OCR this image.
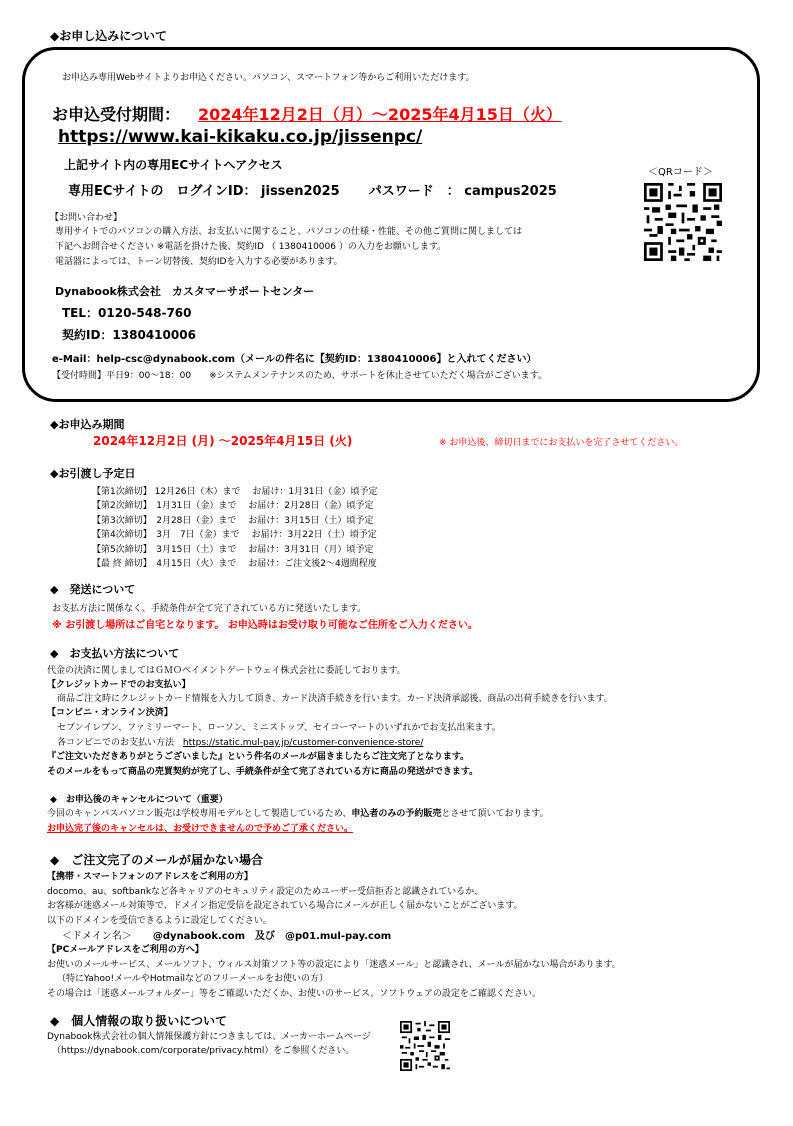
◆お申し込みについて
お申込み専用Webサイトよりお申込ください。パソコン、スマートフォン等からご利用いただけます。
お申込受付期間： 2024年12月2日（月）～2025年4月15日（火）
https://www.kai-kikaku.co.jp/jissenpc/
上記サイト内の専用ECサイトへアクセス
専用ECサイトの　ログインID： jissen2025 パスワード　： campus2025
＜QRコード＞
【お問い合わせ】
専用サイトでのパソコンの購入方法、お支払いに関すること、パソコンの仕様・性能、その他ご質問に関しましては
下記へお問合せください ※電話を掛けた後、契約ID （ 1380410006 ）の入力をお願いします。
電話器によっては、トーン切替後、契約IDを入力する必要があります。
Dynabook株式会社　カスタマーサポートセンター
TEL：0120-548-760
契約ID：1380410006
e-Mail：help-csc@dynabook.com（メールの件名に【契約ID：1380410006】と入れてください）
【受付時間】平日9：00～18：00　　※システムメンテナンスのため、サポートを休止させていただく場合がございます。
◆お申込み期間
2024年12月2日 (月) ～2025年4月15日 (火)	※ お申込後、締切日までにお支払いを完了させてください。
◆お引渡し予定日
【第1次締切】 12月26日（木）まで　 お届け：1月31日（金）頃予定
【第2次締切】　1月31日（金）まで　 お届け：2月28日（金）頃予定
【第3次締切】　2月28日（金）まで　 お届け：3月15日（土）頃予定
【第4次締切】　3月　7日（金）まで　 お届け：3月22日（土）頃予定
【第5次締切】　3月15日（土）まで　 お届け：3月31日（月）頃予定
【最 終 締切】　4月15日（火）まで　 お届け：ご注文後2～4週間程度
◆　発送について
お支払方法に関係なく、手続条件が全て完了されている方に発送いたします。
※ お引渡し場所はご自宅となります。 お申込時はお受け取り可能なご住所をご入力ください。
◆　お支払い方法について
代金の決済に関しましてはＧＭＯペイメントゲートウェイ株式会社に委託しております。
【クレジットカードでのお支払い】
商品ご注文時にクレジットカード情報を入力して頂き、カード決済手続きを行います。カード決済承認後、商品の出荷手続きを行います。
【コンビニ・オンライン決済】
セブンイレブン、ファミリーマート、ローソン、ミニストップ、セイコーマートのいずれかでお支払出来ます。
各コンビニでのお支払い方法 https://static.mul-pay.jp/customer-convenience-store/
『ご注文いただきありがとうございました』という件名のメールが届きましたらご注文完了となります。
そのメールをもって商品の売買契約が完了し、手続条件が全て完了されている方に商品の発送ができます。
◆　お申込後のキャンセルについて（重要）
今回のキャンパスパソコン販売は学校専用モデルとして製造しているため、申込者のみの予約販売とさせて頂いております。
お申込完了後のキャンセルは、お受けできませんので予めご了承ください。
◆　ご注文完了のメールが届かない場合
【携帯・スマートフォンのアドレスをご利用の方】
docomo、au、softbankなど各キャリアのセキュリティ設定のためユーザー受信拒否と認識されているか、
お客様が迷惑メール対策等で、ドメイン指定受信を設定されている場合にメールが正しく届かないことがございます。
以下のドメインを受信できるように設定してください。
＜ドメイン名＞ @dynabook.com　及び　@p01.mul-pay.com
【PCメールアドレスをご利用の方へ】
お使いのメールサービス、メールソフト、ウィルス対策ソフト等の設定により「迷惑メール」と認識され、メールが届かない場合があります。
（特にYahoo!メールやHotmailなどのフリーメールをお使いの方）
その場合は「迷惑メールフォルダー」等をご確認いただくか、お使いのサービス、ソフトウェアの設定をご確認ください。
◆　個人情報の取り扱いについて
Dynabook株式会社の個人情報保護方針につきましては、メーカーホームページ
（https://dynabook.com/corporate/privacy.html）をご参照ください。
